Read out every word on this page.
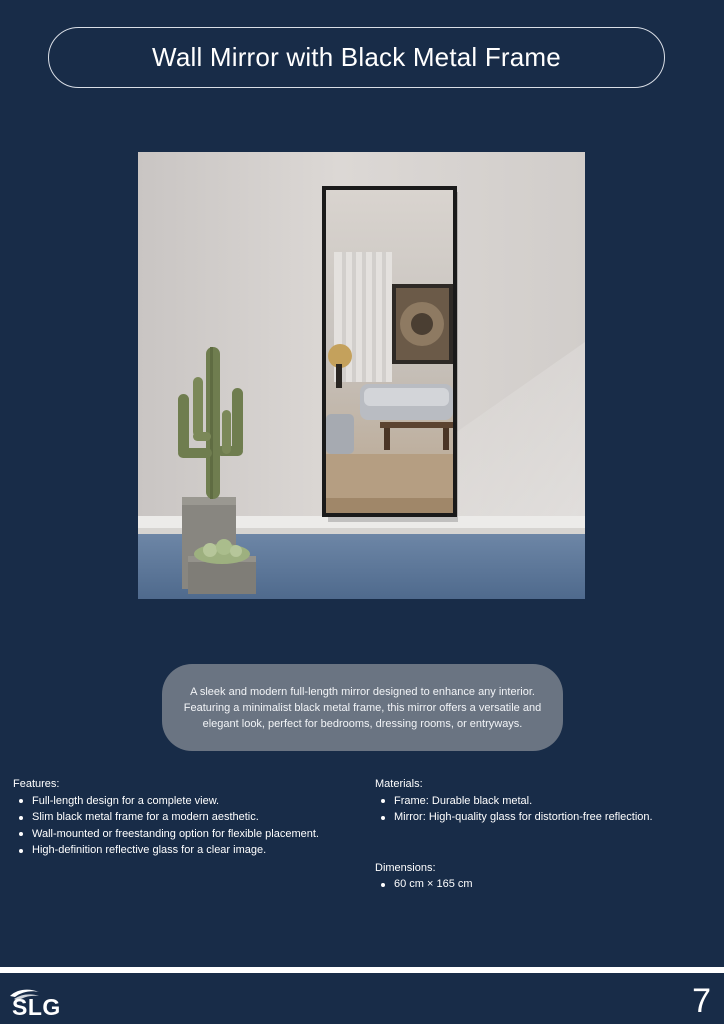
Wall Mirror with Black Metal Frame

A sleek and modern full-length mirror designed to enhance any interior. Featuring a minimalist black metal frame, this mirror offers a versatile and elegant look, perfect for bedrooms, dressing rooms, or entryways.

Features:
Full-length design for a complete view.
Slim black metal frame for a modern aesthetic.
Wall-mounted or freestanding option for flexible placement.
High-definition reflective glass for a clear image.
Materials:
Frame: Durable black metal.
Mirror: High-quality glass for distortion-free reflection.
Dimensions:
60 cm × 165 cm
SLG	7
